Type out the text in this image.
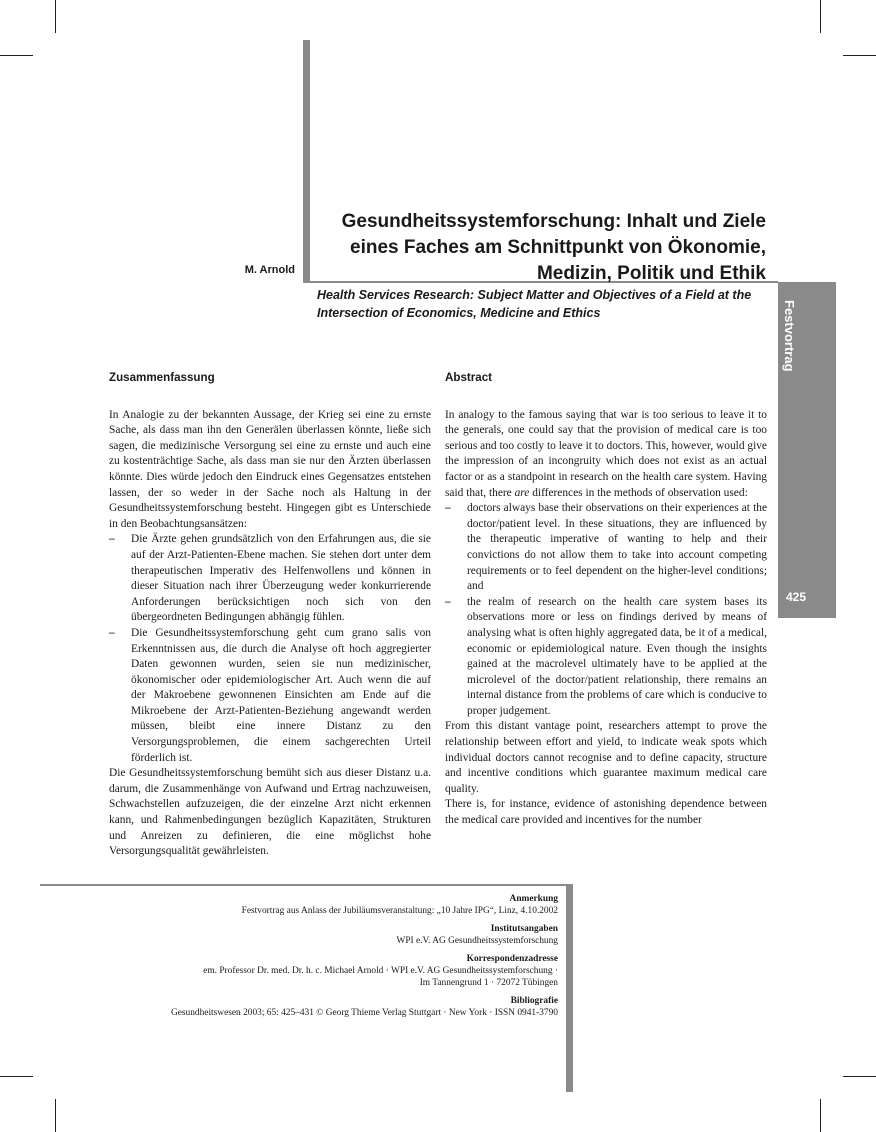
M. Arnold
Gesundheitssystemforschung: Inhalt und Ziele eines Faches am Schnittpunkt von Ökonomie, Medizin, Politik und Ethik
Health Services Research: Subject Matter and Objectives of a Field at the Intersection of Economics, Medicine and Ethics	Festvortrag
425
Zusammenfassung

In Analogie zu der bekannten Aussage, der Krieg sei eine zu ernste Sache, als dass man ihn den Generälen überlassen könnte, ließe sich sagen, die medizinische Versorgung sei eine zu ernste und auch eine zu kostenträchtige Sache, als dass man sie nur den Ärzten überlassen könnte. Dies würde jedoch den Eindruck eines Gegensatzes entstehen lassen, der so weder in der Sache noch als Haltung in der Gesundheitssystemforschung besteht. Hingegen gibt es Unterschiede in den Beobachtungsansätzen:

– Die Ärzte gehen grundsätzlich von den Erfahrungen aus, die sie auf der Arzt-Patienten-Ebene machen. Sie stehen dort unter dem therapeutischen Imperativ des Helfenwollens und können in dieser Situation nach ihrer Überzeugung weder konkurrierende Anforderungen berücksichtigen noch sich von den übergeordneten Bedingungen abhängig fühlen.
– Die Gesundheitssystemforschung geht cum grano salis von Erkenntnissen aus, die durch die Analyse oft hoch aggregierter Daten gewonnen wurden, seien sie nun medizinischer, ökonomischer oder epidemiologischer Art. Auch wenn die auf der Makroebene gewonnenen Einsichten am Ende auf die Mikroebene der Arzt-Patienten-Beziehung angewandt werden müssen, bleibt eine innere Distanz zu den Versorgungsproblemen, die einem sachgerechten Urteil förderlich ist.

Die Gesundheitssystemforschung bemüht sich aus dieser Distanz u.a. darum, die Zusammenhänge von Aufwand und Ertrag nachzuweisen, Schwachstellen aufzuzeigen, die der einzelne Arzt nicht erkennen kann, und Rahmenbedingungen bezüglich Kapazitäten, Strukturen und Anreizen zu definieren, die eine möglichst hohe Versorgungsqualität gewährleisten.

Abstract

In analogy to the famous saying that war is too serious to leave it to the generals, one could say that the provision of medical care is too serious and too costly to leave it to doctors. This, however, would give the impression of an incongruity which does not exist as an actual factor or as a standpoint in research on the health care system. Having said that, there are differences in the methods of observation used:

– doctors always base their observations on their experiences at the doctor/patient level. In these situations, they are influenced by the therapeutic imperative of wanting to help and their convictions do not allow them to take into account competing requirements or to feel dependent on the higher-level conditions; and
– the realm of research on the health care system bases its observations more or less on findings derived by means of analysing what is often highly aggregated data, be it of a medical, economic or epidemiological nature. Even though the insights gained at the macrolevel ultimately have to be applied at the microlevel of the doctor/patient relationship, there remains an internal distance from the problems of care which is conducive to proper judgement.

From this distant vantage point, researchers attempt to prove the relationship between effort and yield, to indicate weak spots which individual doctors cannot recognise and to define capacity, structure and incentive conditions which guarantee maximum medical care quality.

There is, for instance, evidence of astonishing dependence between the medical care provided and incentives for the number

Anmerkung
Festvortrag aus Anlass der Jubiläumsveranstaltung: „10 Jahre IPG“, Linz, 4.10.2002
Institutsangaben
WPI e.V. AG Gesundheitssystemforschung
Korrespondenzadresse
em. Professor Dr. med. Dr. h. c. Michael Arnold · WPI e.V. AG Gesundheitssystemforschung ·
Im Tannengrund 1 · 72072 Tübingen
Bibliografie
Gesundheitswesen 2003; 65: 425–431 © Georg Thieme Verlag Stuttgart · New York · ISSN 0941-3790
